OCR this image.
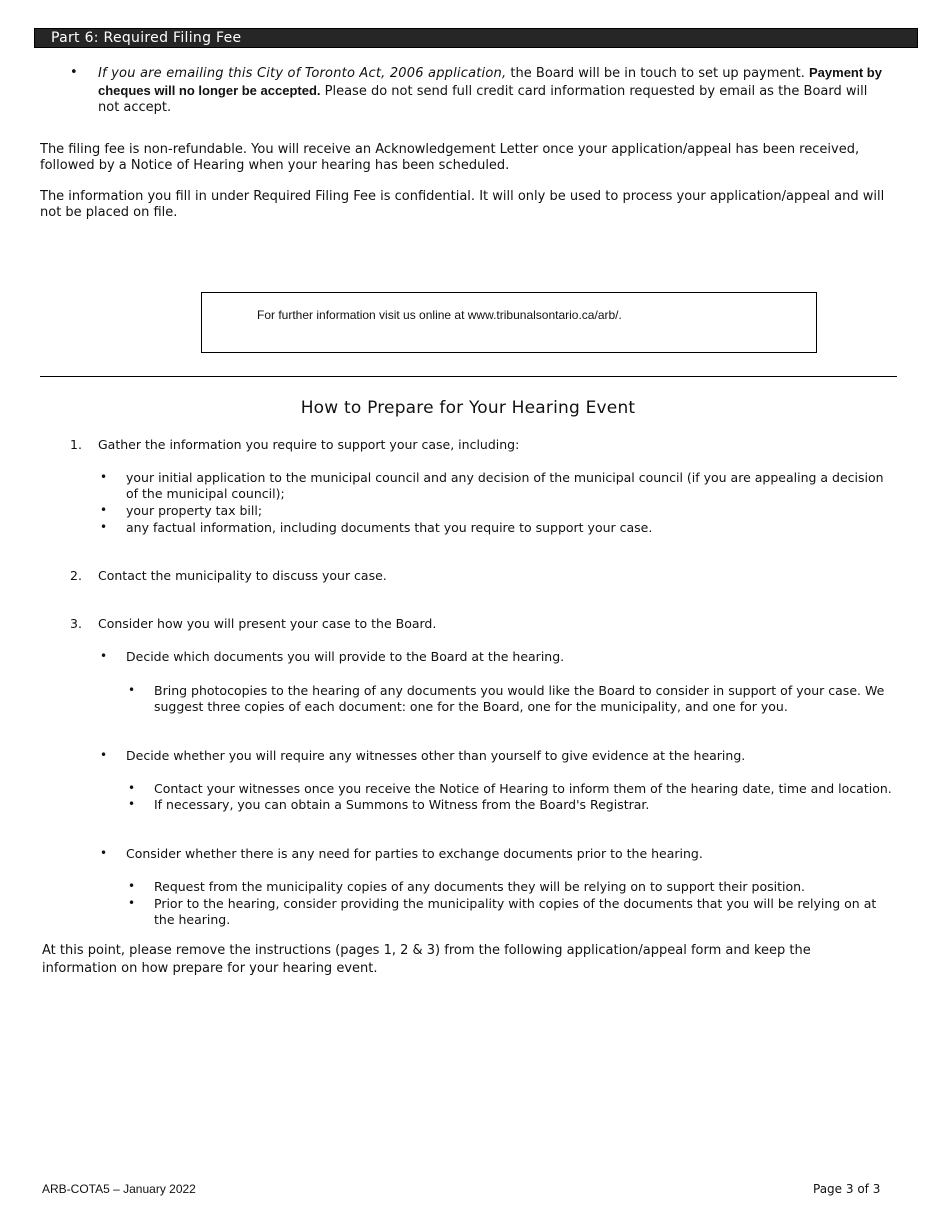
Part 6: Required Filing Fee
• If you are emailing this City of Toronto Act, 2006 application, the Board will be in touch to set up payment. Payment by cheques will no longer be accepted. Please do not send full credit card information requested by email as the Board will not accept.
The filing fee is non-refundable. You will receive an Acknowledgement Letter once your application/appeal has been received, followed by a Notice of Hearing when your hearing has been scheduled.
The information you fill in under Required Filing Fee is confidential. It will only be used to process your application/appeal and will not be placed on file.
For further information visit us online at www.tribunalsontario.ca/arb/.
How to Prepare for Your Hearing Event
1. Gather the information you require to support your case, including:
• your initial application to the municipal council and any decision of the municipal council (if you are appealing a decision of the municipal council);
• your property tax bill;
• any factual information, including documents that you require to support your case.
2. Contact the municipality to discuss your case.
3. Consider how you will present your case to the Board.
• Decide which documents you will provide to the Board at the hearing.
• Bring photocopies to the hearing of any documents you would like the Board to consider in support of your case. We suggest three copies of each document: one for the Board, one for the municipality, and one for you.
• Decide whether you will require any witnesses other than yourself to give evidence at the hearing.
• Contact your witnesses once you receive the Notice of Hearing to inform them of the hearing date, time and location.
• If necessary, you can obtain a Summons to Witness from the Board's Registrar.
• Consider whether there is any need for parties to exchange documents prior to the hearing.
• Request from the municipality copies of any documents they will be relying on to support their position.
• Prior to the hearing, consider providing the municipality with copies of the documents that you will be relying on at the hearing.
At this point, please remove the instructions (pages 1, 2 & 3) from the following application/appeal form and keep the information on how prepare for your hearing event.
ARB-COTA5 – January 2022	Page 3 of 3
